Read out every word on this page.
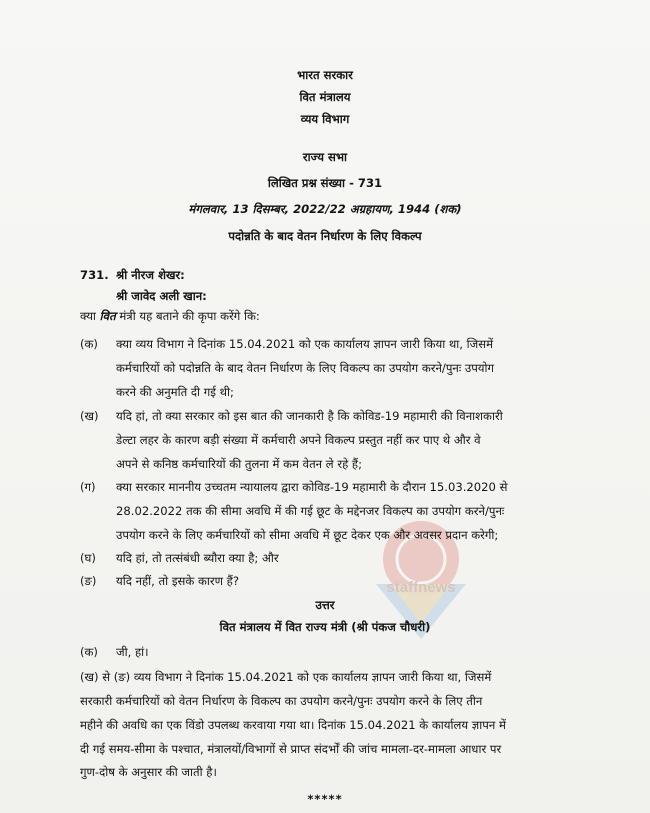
staffnews
भारत सरकार
वित मंत्रालय
व्यय विभाग
राज्य सभा
लिखित प्रश्न संख्या - 731
मंगलवार, 13 दिसम्बर, 2022/22 अग्रहायण, 1944 (शक)
पदोन्नति के बाद वेतन निर्धारण के लिए विकल्प
731. श्री नीरज शेखर:
श्री जावेद अली खान:
क्या वित मंत्री यह बताने की कृपा करेंगे कि:
(क) क्या व्यय विभाग ने दिनांक 15.04.2021 को एक कार्यालय ज्ञापन जारी किया था, जिसमें
कर्मचारियों को पदोन्नति के बाद वेतन निर्धारण के लिए विकल्प का उपयोग करने/पुनः उपयोग
करने की अनुमति दी गई थी;
(ख) यदि हां, तो क्या सरकार को इस बात की जानकारी है कि कोविड-19 महामारी की विनाशकारी
डेल्टा लहर के कारण बड़ी संख्या में कर्मचारी अपने विकल्प प्रस्तुत नहीं कर पाए थे और वे
अपने से कनिष्ठ कर्मचारियों की तुलना में कम वेतन ले रहे हैं;
(ग) क्या सरकार माननीय उच्चतम न्यायालय द्वारा कोविड-19 महामारी के दौरान 15.03.2020 से
28.02.2022 तक की सीमा अवधि में की गई छूट के मद्देनजर विकल्प का उपयोग करने/पुनः
उपयोग करने के लिए कर्मचारियों को सीमा अवधि में छूट देकर एक और अवसर प्रदान करेगी;
(घ) यदि हां, तो तत्संबंधी ब्यौरा क्या है; और
(ङ) यदि नहीं, तो इसके कारण हैं?
उत्तर
वित मंत्रालय में वित राज्य मंत्री (श्री पंकज चौधरी)
(क) जी, हां।
(ख) से (ङ) व्यय विभाग ने दिनांक 15.04.2021 को एक कार्यालय ज्ञापन जारी किया था, जिसमें
सरकारी कर्मचारियों को वेतन निर्धारण के विकल्प का उपयोग करने/पुनः उपयोग करने के लिए तीन
महीने की अवधि का एक विंडो उपलब्ध करवाया गया था। दिनांक 15.04.2021 के कार्यालय ज्ञापन में
दी गई समय-सीमा के पश्चात, मंत्रालयों/विभागों से प्राप्त संदर्भों की जांच मामला-दर-मामला आधार पर
गुण-दोष के अनुसार की जाती है।
*****
